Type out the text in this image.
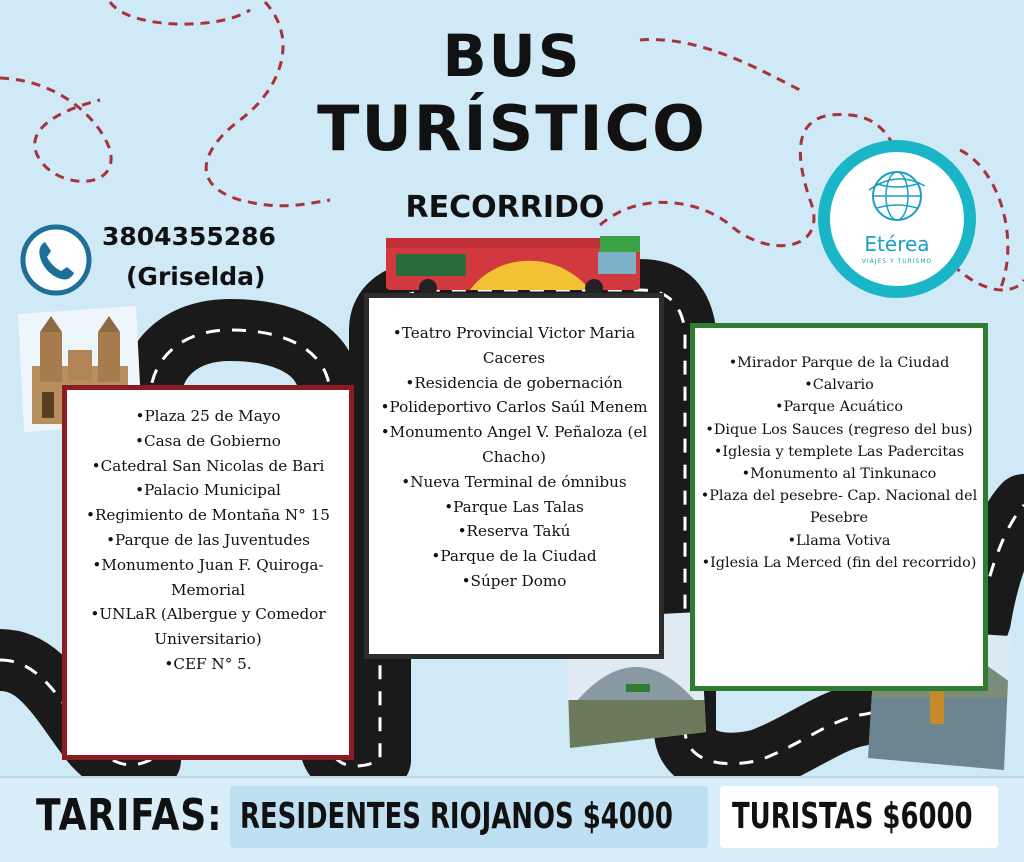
BUS
TURÍSTICO
RECORRIDO
3804355286
(Griselda)
Etérea
VIAJES Y TURISMO
•Plaza 25 de Mayo
•Casa de Gobierno
•Catedral San Nicolas de Bari
•Palacio Municipal
•Regimiento de Montaña N° 15
•Parque de las Juventudes
•Monumento Juan F. Quiroga-Memorial
•UNLaR (Albergue y Comedor Universitario)
•CEF N° 5.
•Teatro Provincial Victor Maria Caceres
•Residencia de gobernación
•Polideportivo Carlos Saúl Menem
•Monumento Angel V. Peñaloza (el Chacho)
•Nueva Terminal de ómnibus
•Parque Las Talas
•Reserva Takú
•Parque de la Ciudad
•Súper Domo
•Mirador Parque de la Ciudad
•Calvario
•Parque Acuático
•Dique Los Sauces (regreso del bus)
•Iglesia y templete Las Padercitas
•Monumento al Tinkunaco
•Plaza del pesebre- Cap. Nacional del Pesebre
•Llama Votiva
•Iglesia La Merced (fin del recorrido)
TARIFAS: RESIDENTES RIOJANOS $4000 TURISTAS $6000
